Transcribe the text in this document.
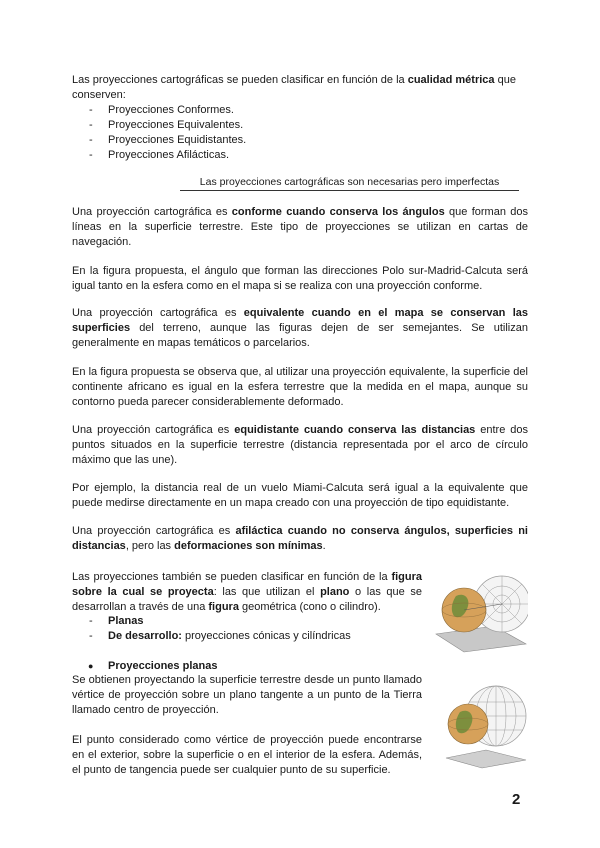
Las proyecciones cartográficas se pueden clasificar en función de la cualidad métrica que conserven:
- Proyecciones Conformes.
- Proyecciones Equivalentes.
- Proyecciones Equidistantes.
- Proyecciones Afilácticas.
Las proyecciones cartográficas son necesarias pero imperfectas
Una proyección cartográfica es conforme cuando conserva los ángulos que forman dos líneas en la superficie terrestre. Este tipo de proyecciones se utilizan en cartas de navegación.
En la figura propuesta, el ángulo que forman las direcciones Polo sur-Madrid-Calcuta será igual tanto en la esfera como en el mapa si se realiza con una proyección conforme.
Una proyección cartográfica es equivalente cuando en el mapa se conservan las superficies del terreno, aunque las figuras dejen de ser semejantes. Se utilizan generalmente en mapas temáticos o parcelarios.
En la figura propuesta se observa que, al utilizar una proyección equivalente, la superficie del continente africano es igual en la esfera terrestre que la medida en el mapa, aunque su contorno pueda parecer considerablemente deformado.
Una proyección cartográfica es equidistante cuando conserva las distancias entre dos puntos situados en la superficie terrestre (distancia representada por el arco de círculo máximo que las une).
Por ejemplo, la distancia real de un vuelo Miami-Calcuta será igual a la equivalente que puede medirse directamente en un mapa creado con una proyección de tipo equidistante.
Una proyección cartográfica es afiláctica cuando no conserva ángulos, superficies ni distancias, pero las deformaciones son mínimas.
Las proyecciones también se pueden clasificar en función de la figura sobre la cual se proyecta: las que utilizan el plano o las que se desarrollan a través de una figura geométrica (cono o cilindro).
- Planas
- De desarrollo: proyecciones cónicas y cilíndricas
● Proyecciones planas
Se obtienen proyectando la superficie terrestre desde un punto llamado vértice de proyección sobre un plano tangente a un punto de la Tierra llamado centro de proyección.
El punto considerado como vértice de proyección puede encontrarse en el exterior, sobre la superficie o en el interior de la esfera. Además, el punto de tangencia puede ser cualquier punto de su superficie.
2
